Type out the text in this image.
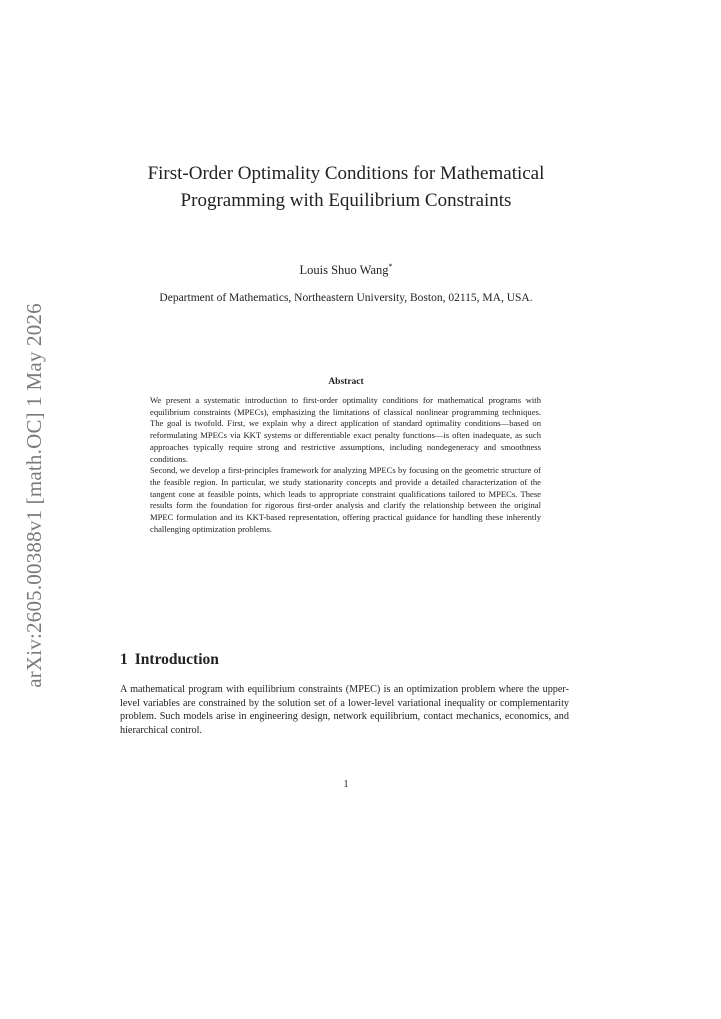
arXiv:2605.00388v1 [math.OC] 1 May 2026
First-Order Optimality Conditions for Mathematical Programming with Equilibrium Constraints
Louis Shuo Wang*
Department of Mathematics, Northeastern University, Boston, 02115, MA, USA.
Abstract

We present a systematic introduction to first-order optimality conditions for mathematical programs with equilibrium constraints (MPECs), emphasizing the limitations of classical nonlinear programming techniques. The goal is twofold. First, we explain why a direct application of standard optimality conditions—based on reformulating MPECs via KKT systems or differentiable exact penalty functions—is often inadequate, as such approaches typically require strong and restrictive assumptions, including nondegeneracy and smoothness conditions.

Second, we develop a first-principles framework for analyzing MPECs by focusing on the geometric structure of the feasible region. In particular, we study stationarity concepts and provide a detailed characterization of the tangent cone at feasible points, which leads to appropriate constraint qualifications tailored to MPECs. These results form the foundation for rigorous first-order analysis and clarify the relationship between the original MPEC formulation and its KKT-based representation, offering practical guidance for handling these inherently challenging optimization problems.

1 Introduction

A mathematical program with equilibrium constraints (MPEC) is an optimization problem where the upper-level variables are constrained by the solution set of a lower-level variational inequality or complementarity problem. Such models arise in engineering design, network equilibrium, contact mechanics, economics, and hierarchical control.

1
